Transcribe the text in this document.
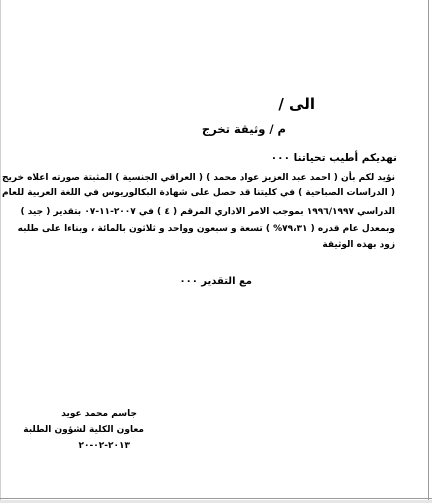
الى /
م / وثيقة تخرج
نهديكم أطيب تحياتنا ٠٠٠
نؤيد لكم بأن ( احمد عبد العزيز عواد محمد ) ( العراقي الجنسية ) المثبتة صورته اعلاه خريج
( الدراسات الصباحية ) في كليتنا قد حصل على شهادة البكالوريوس في اللغة العربية للعام
الدراسي ١٩٩٦/١٩٩٧ بموجب الامر الاداري المرقم ( ٤ ) في ٢٠٠٧-١١-٠٧ بتقدير ( جيد )
وبمعدل عام قدره ( ٧٩،٣١% ) تسعة و سبعون وواحد و ثلاثون بالمائة ، وبناءا على طلبه
زود بهذه الوثيقة
مع التقدير ٠٠٠
جاسم محمد عويد
معاون الكلية لشؤون الطلبة
٢٠١٣-٠٢-٢٠
